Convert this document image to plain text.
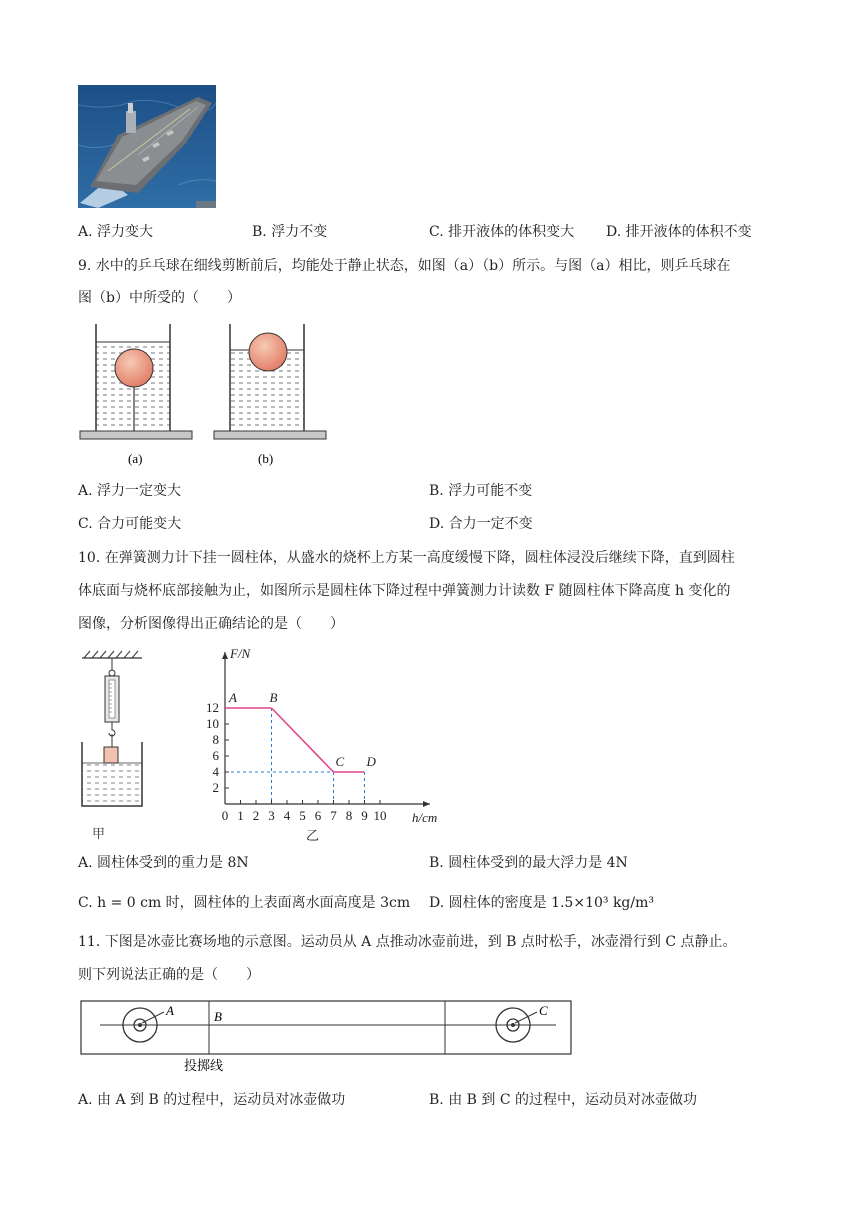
A. 浮力变大	B. 浮力不变	C. 排开液体的体积变大 D. 排开液体的体积不变
9. 水中的乒乓球在细线剪断前后，均能处于静止状态，如图（a）（b）所示。与图（a）相比，则乒乓球在
图（b）中所受的（　　）
(a)	(b)
A. 浮力一定变大	B. 浮力可能不变
C. 合力可能变大	D. 合力一定不变
10. 在弹簧测力计下挂一圆柱体，从盛水的烧杯上方某一高度缓慢下降，圆柱体浸没后继续下降，直到圆柱
体底面与烧杯底部接触为止，如图所示是圆柱体下降过程中弹簧测力计读数 F 随圆柱体下降高度 h 变化的
图像，分析图像得出正确结论的是（　　）
甲
0 1 2 3 4 5 6 7 8 9 10
2
4
6
8
10
12
F/N
h/cm
乙
A	B
C D
A. 圆柱体受到的重力是 8N	B. 圆柱体受到的最大浮力是 4N
C. h = 0 cm 时，圆柱体的上表面离水面高度是 3cm D. 圆柱体的密度是 1.5×10³ kg/m³
11. 下图是冰壶比赛场地的示意图。运动员从 A 点推动冰壶前进，到 B 点时松手，冰壶滑行到 C 点静止。
则下列说法正确的是（　　）
A	B	C
投掷线
A. 由 A 到 B 的过程中，运动员对冰壶做功	B. 由 B 到 C 的过程中，运动员对冰壶做功
